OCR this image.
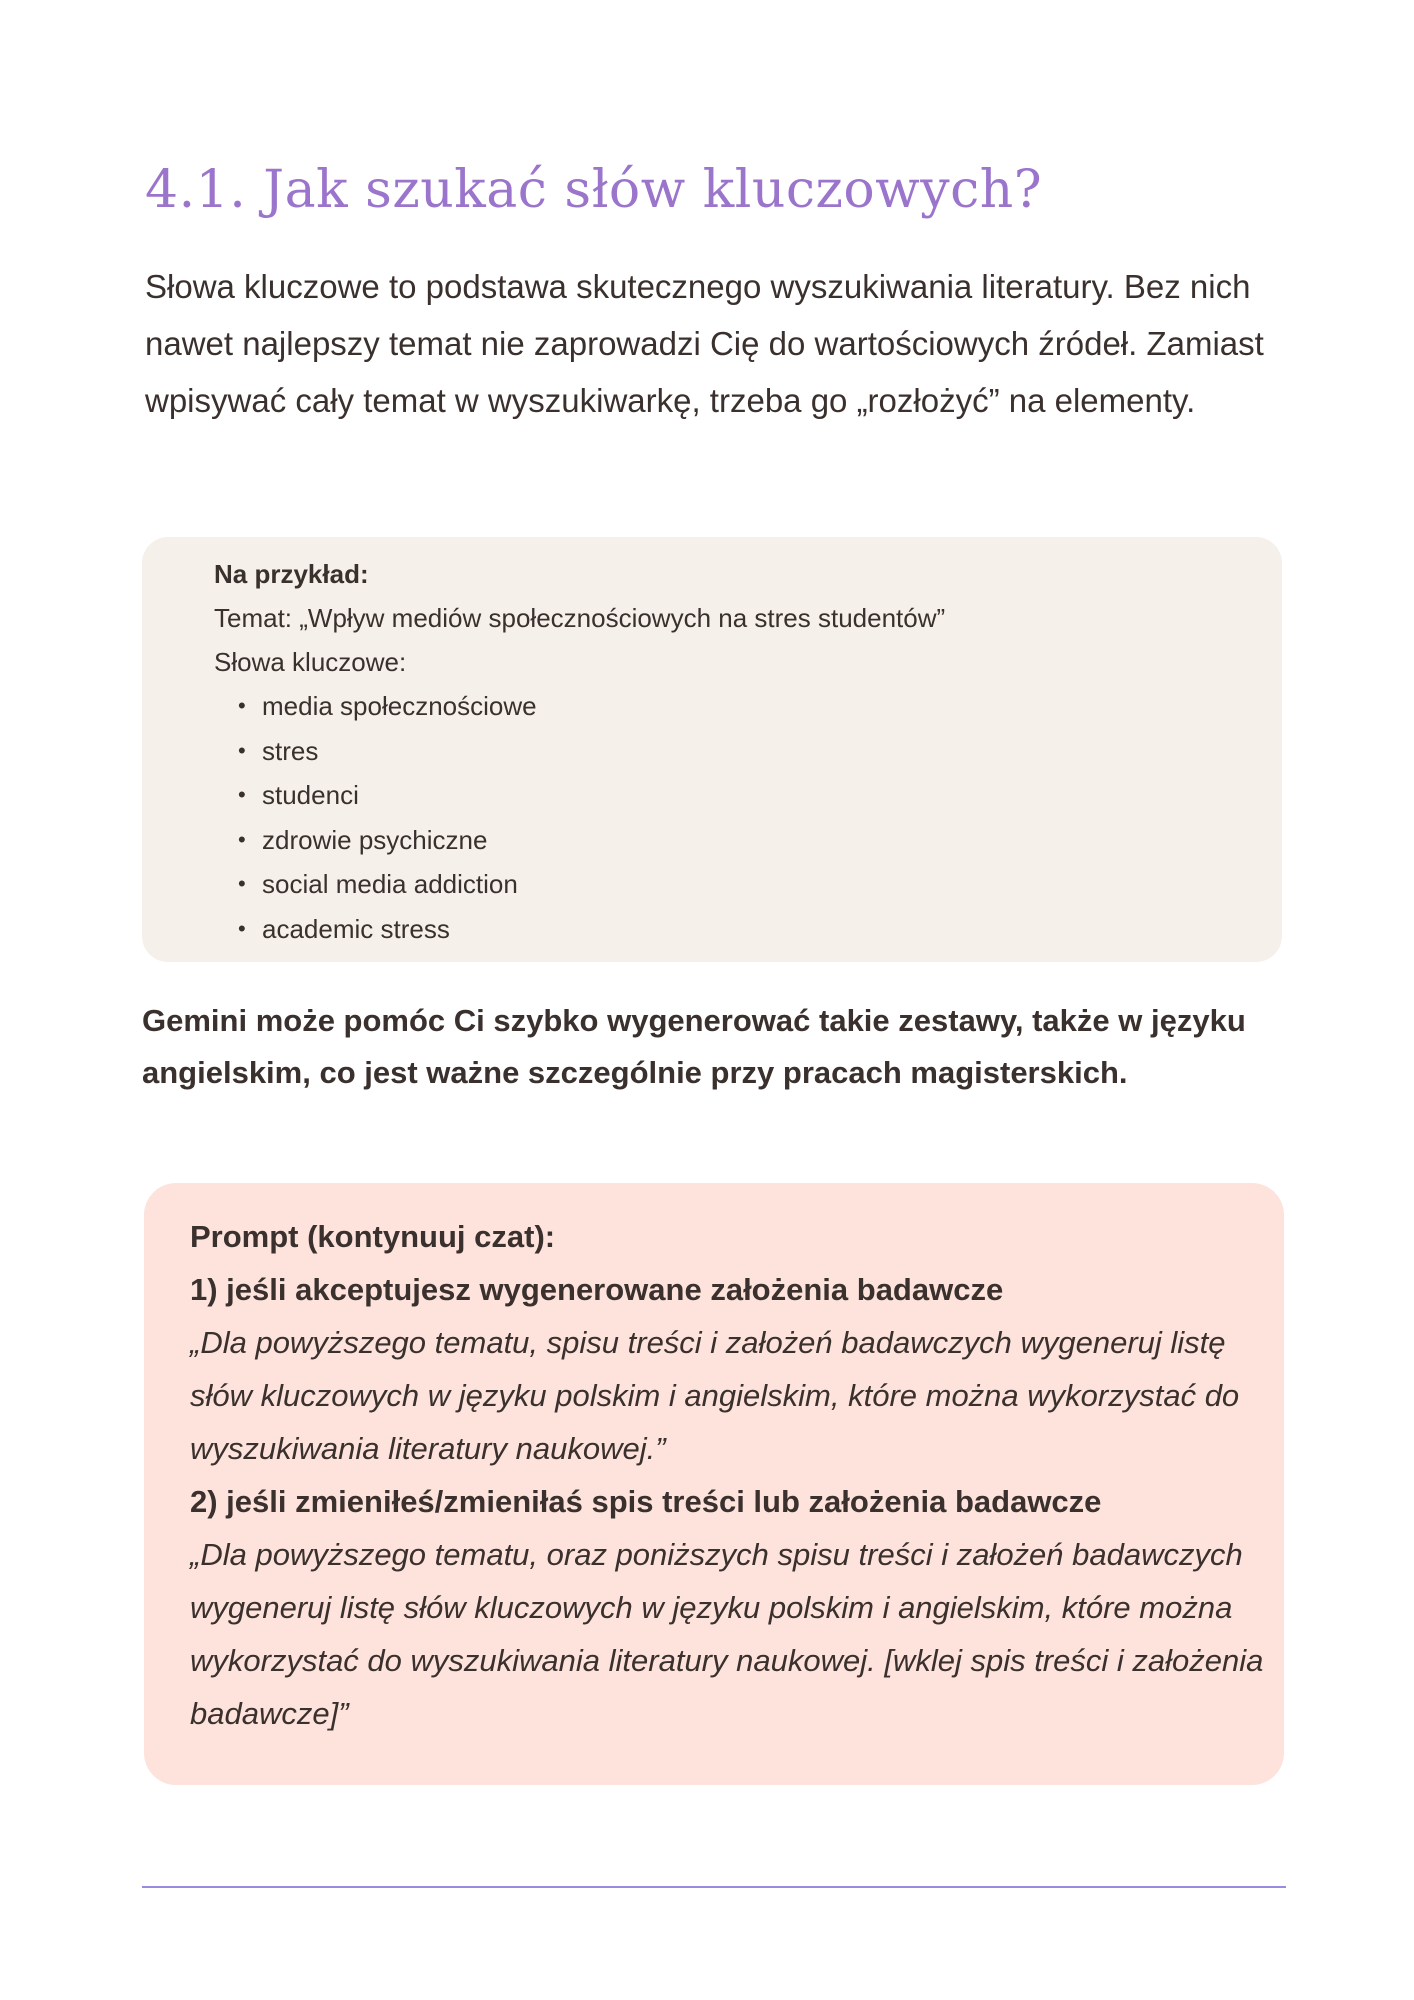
4.1. Jak szukać słów kluczowych?

Słowa kluczowe to podstawa skutecznego wyszukiwania literatury. Bez nich nawet najlepszy temat nie zaprowadzi Cię do wartościowych źródeł. Zamiast wpisywać cały temat w wyszukiwarkę, trzeba go „rozłożyć” na elementy.

Na przykład:
Temat: „Wpływ mediów społecznościowych na stres studentów”
Słowa kluczowe:
• media społecznościowe
• stres
• studenci
• zdrowie psychiczne
• social media addiction
• academic stress

Gemini może pomóc Ci szybko wygenerować takie zestawy, także w języku angielskim, co jest ważne szczególnie przy pracach magisterskich.

Prompt (kontynuuj czat):

1) jeśli akceptujesz wygenerowane założenia badawcze

„Dla powyższego tematu, spisu treści i założeń badawczych wygeneruj listę słów kluczowych w języku polskim i angielskim, które można wykorzystać do wyszukiwania literatury naukowej.”

2) jeśli zmieniłeś/zmieniłaś spis treści lub założenia badawcze

„Dla powyższego tematu, oraz poniższych spisu treści i założeń badawczych wygeneruj listę słów kluczowych w języku polskim i angielskim, które można wykorzystać do wyszukiwania literatury naukowej. [wklej spis treści i założenia badawcze]”
